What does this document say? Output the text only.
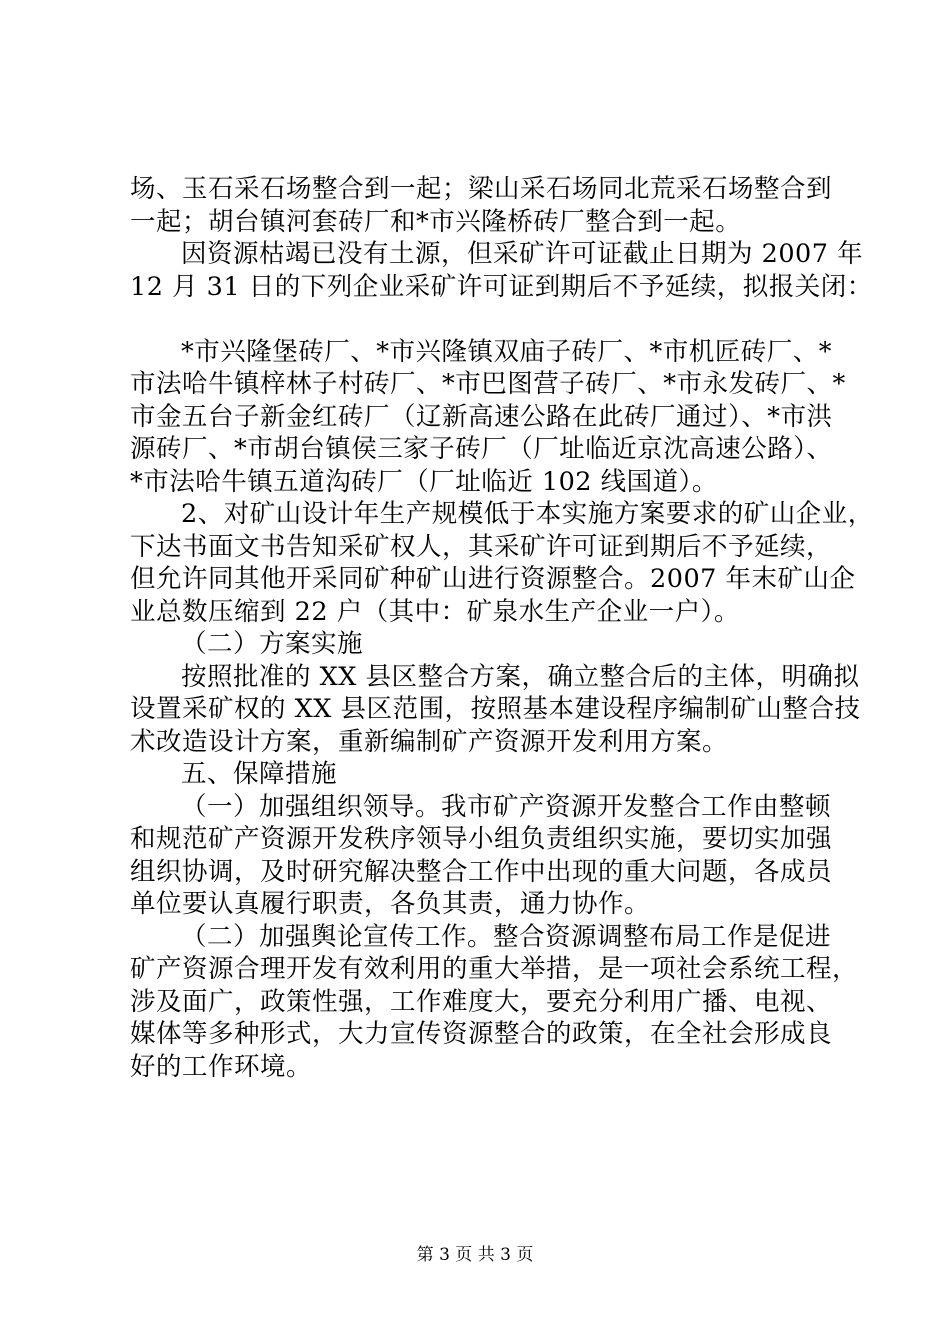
场、玉石采石场整合到一起；梁山采石场同北荒采石场整合到
一起；胡台镇河套砖厂和*市兴隆桥砖厂整合到一起。
因资源枯竭已没有土源，但采矿许可证截止日期为 2007 年
12 月 31 日的下列企业采矿许可证到期后不予延续，拟报关闭：
*市兴隆堡砖厂、*市兴隆镇双庙子砖厂、*市机匠砖厂、*
市法哈牛镇梓林子村砖厂、*市巴图营子砖厂、*市永发砖厂、*
市金五台子新金红砖厂（辽新高速公路在此砖厂通过）、*市洪
源砖厂、*市胡台镇侯三家子砖厂（厂址临近京沈高速公路）、
*市法哈牛镇五道沟砖厂（厂址临近 102 线国道）。
2、对矿山设计年生产规模低于本实施方案要求的矿山企业，
下达书面文书告知采矿权人，其采矿许可证到期后不予延续，
但允许同其他开采同矿种矿山进行资源整合。2007 年末矿山企
业总数压缩到 22 户（其中：矿泉水生产企业一户）。
（二）方案实施
按照批准的 XX 县区整合方案，确立整合后的主体，明确拟
设置采矿权的 XX 县区范围，按照基本建设程序编制矿山整合技
术改造设计方案，重新编制矿产资源开发利用方案。
五、保障措施
（一）加强组织领导。我市矿产资源开发整合工作由整顿
和规范矿产资源开发秩序领导小组负责组织实施，要切实加强
组织协调，及时研究解决整合工作中出现的重大问题，各成员
单位要认真履行职责，各负其责，通力协作。
（二）加强舆论宣传工作。整合资源调整布局工作是促进
矿产资源合理开发有效利用的重大举措，是一项社会系统工程，
涉及面广，政策性强，工作难度大，要充分利用广播、电视、
媒体等多种形式，大力宣传资源整合的政策，在全社会形成良
好的工作环境。
第 3 页 共 3 页
